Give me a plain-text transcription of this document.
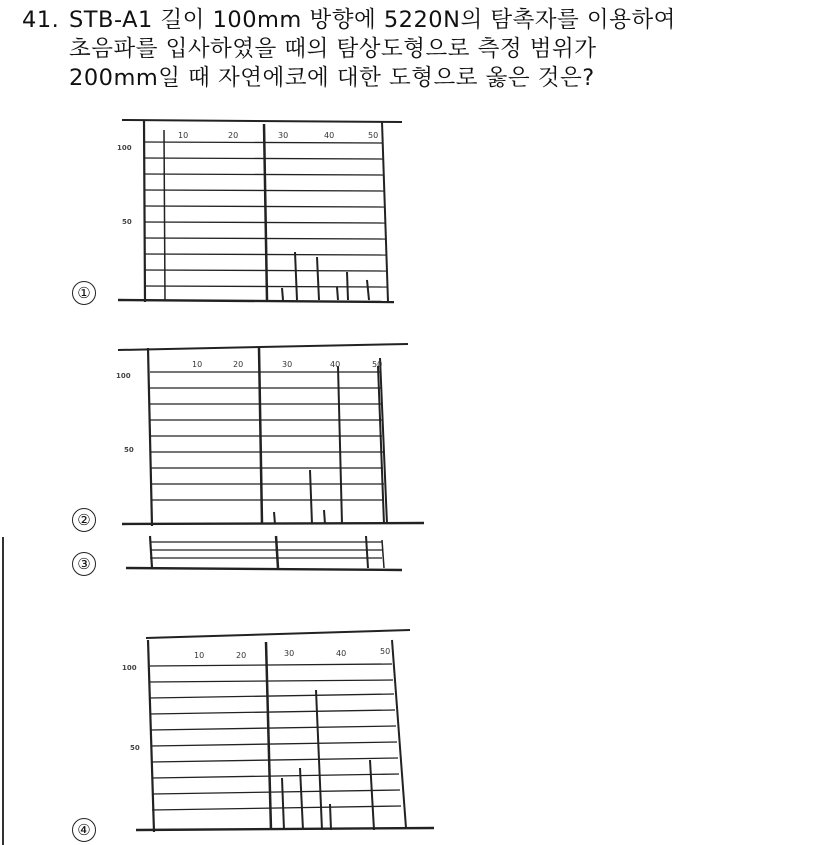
41. STB-A1 길이 100mm 방향에 5220N의 탐촉자를 이용하여
초음파를 입사하였을 때의 탐상도형으로 측정 범위가
200mm일 때 자연에코에 대한 도형으로 옳은 것은?
①
②
③
④
10	20	30	40	50
100
50
10	20	30	40	50
100
50
10	20	30	40	50
100
50
